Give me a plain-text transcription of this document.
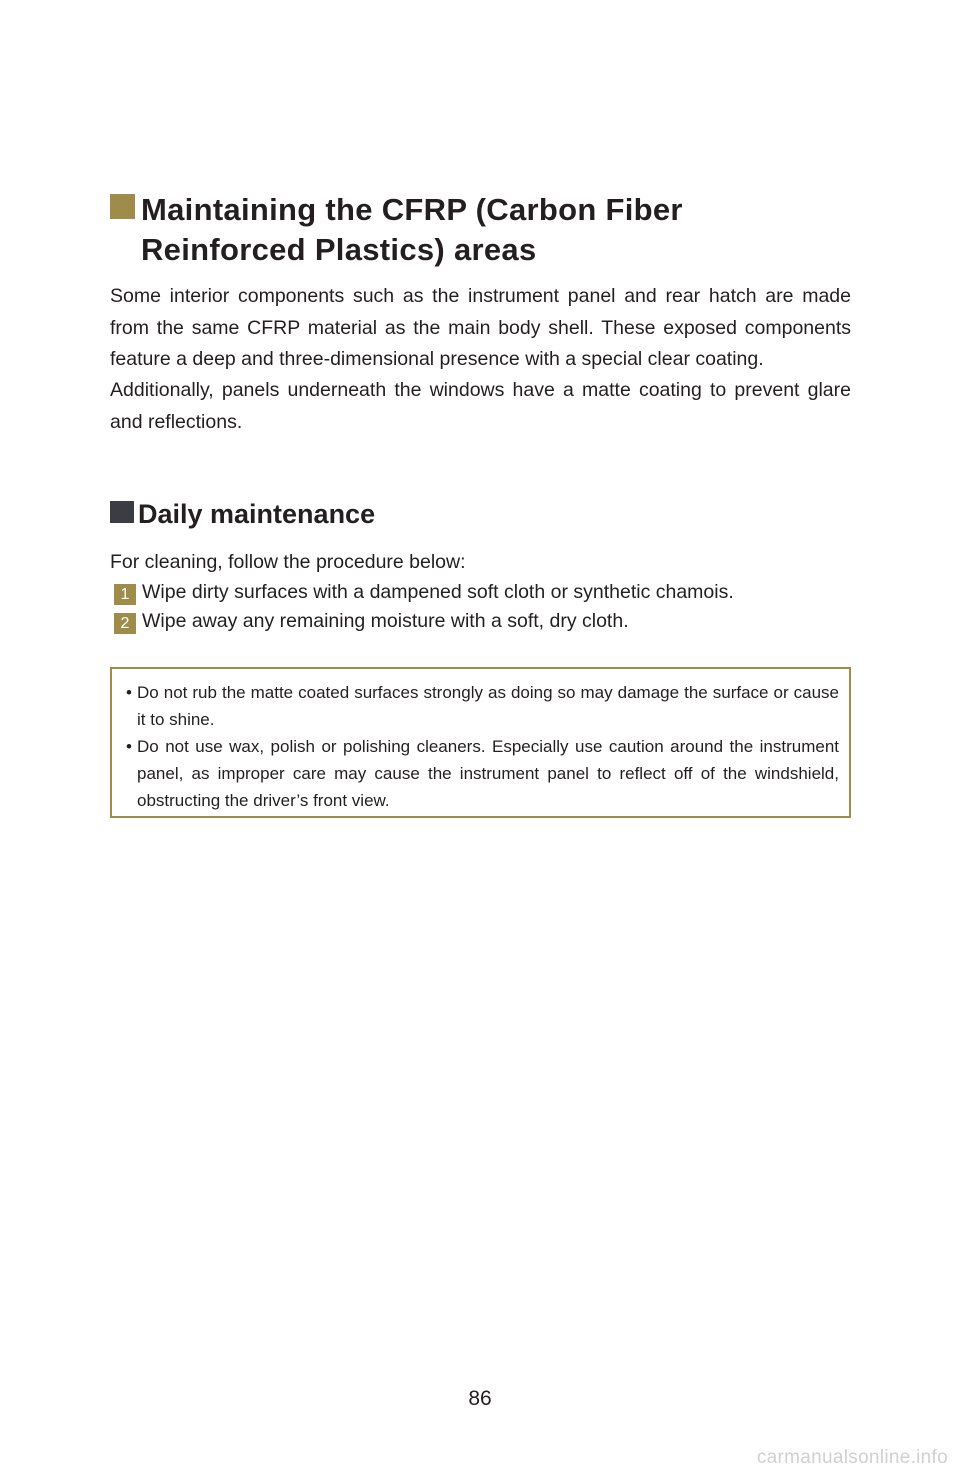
Maintaining the CFRP (Carbon Fiber Reinforced Plastics) areas

Some interior components such as the instrument panel and rear hatch are made from the same CFRP material as the main body shell. These exposed components feature a deep and three-dimensional presence with a special clear coating.

Additionally, panels underneath the windows have a matte coating to prevent glare and reflections.

Daily maintenance

For cleaning, follow the procedure below:

1 Wipe dirty surfaces with a dampened soft cloth or synthetic chamois.
2 Wipe away any remaining moisture with a soft, dry cloth.

• Do not rub the matte coated surfaces strongly as doing so may damage the surface or cause it to shine.

• Do not use wax, polish or polishing cleaners. Especially use caution around the instrument panel, as improper care may cause the instrument panel to reflect off of the windshield, obstructing the driver’s front view.

86
carmanualsonline.info
